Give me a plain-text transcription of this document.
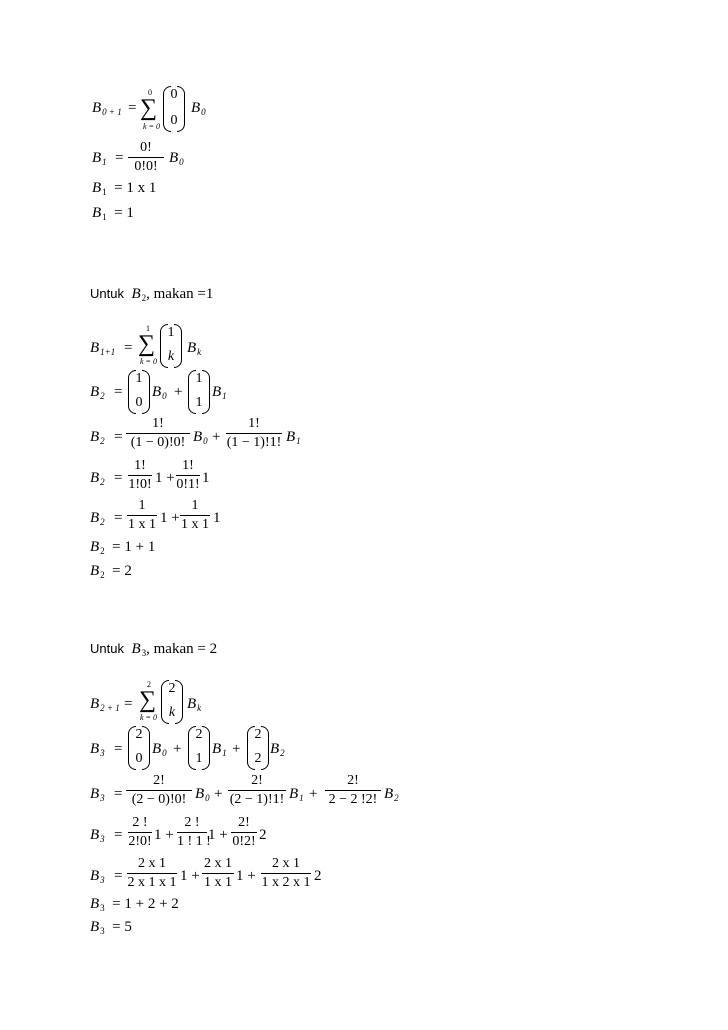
$B_{0 + 1}$ =
0
∑
k = 0
0
0
$B_0$
$B_1$ =
0!
0!0!
$B_0$
$B_1 = 1$ x 1
$B_1 = 1$
Untuk $B_2$, makan =1
$B_{1+1}$ =
1
∑
k = 0
1
k
$B_k$
$B_2$ =
1
0
$B_0$ +
1
1
$B_1$
$B_2$ =
1!
(1 − 0)!0! $B_0$ +
1!
(1 − 1)!1! $B_1$
$B_2$ =
1!
1!0! 1 +
1!
0!1! 1
$B_2$ =
1
1 x 1 1 +
1
1 x 1 1
$B_2 = 1 + 1$
$B_2 = 2$
Untuk $B_3$, makan = 2
$B_{2 + 1}$ =
2
∑
k = 0
2
k
$B_k$
$B_3$ =
2
0
$B_0$ +
2
1
$B_1$ +
2
2
$B_2$
$B_3$ =
2!
(2 − 0)!0! $B_0$ +
2!
(2 − 1)!1! $B_1$ +
2!
2 − 2 !2! $B_2$
$B_3$ =
2 !
2!0! 1 +
2 !
1 ! 1 !
1 +
2!
0!2! 2
$B_3$ =
2 x 1
2 x 1 x 1 1 +
2 x 1
1 x 1 1 +
2 x 1
1 x 2 x 1 2
$B_3 = 1 + 2 + 2$
$B_3 = 5$
